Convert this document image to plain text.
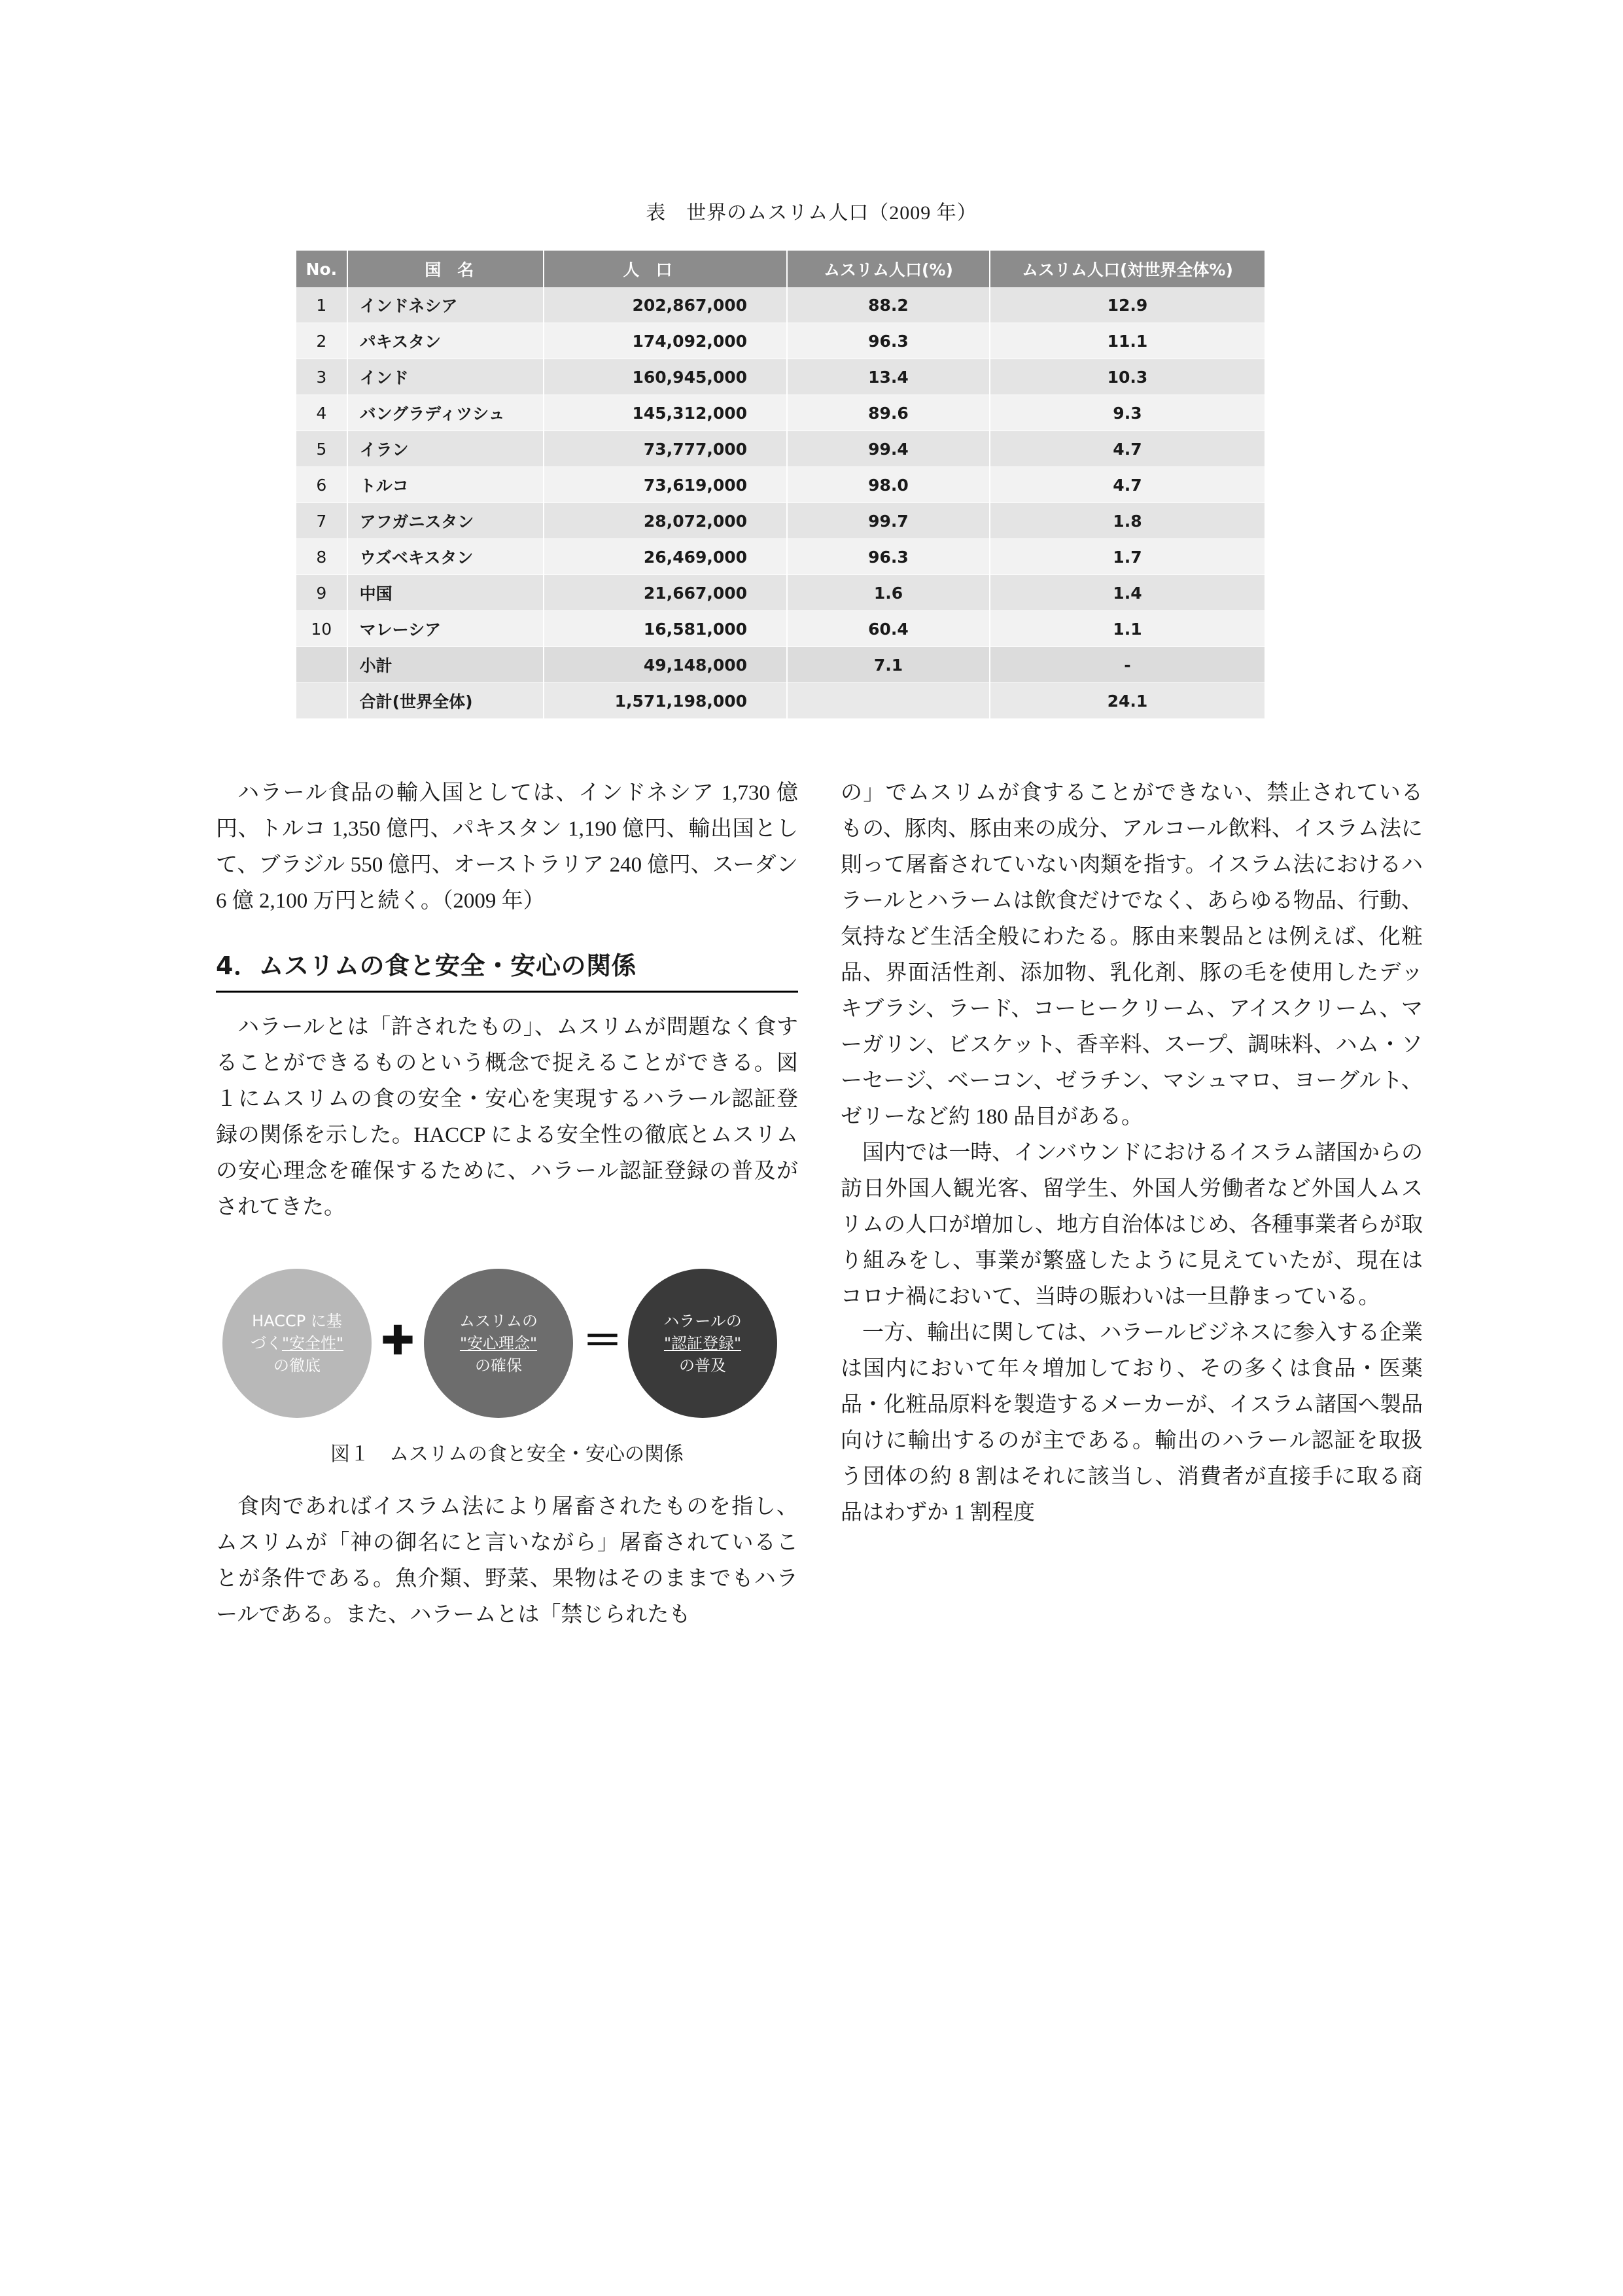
表　世界のムスリム人口（2009 年）
No.	国　名	人　口	ムスリム人口(%)	ムスリム人口(対世界全体%)
1	インドネシア	202,867,000	88.2	12.9
2	パキスタン	174,092,000	96.3	11.1
3	インド	160,945,000	13.4	10.3
4	バングラディツシュ	145,312,000	89.6	9.3
5	イラン	73,777,000	99.4	4.7
6	トルコ	73,619,000	98.0	4.7
7	アフガニスタン	28,072,000	99.7	1.8
8	ウズベキスタン	26,469,000	96.3	1.7
9	中国	21,667,000	1.6	1.4
10	マレーシア	16,581,000	60.4	1.1
	小計	49,148,000	7.1	-
	合計(世界全体)	1,571,198,000		24.1

ハラール食品の輸入国としては、インドネシア 1,730 億円、トルコ 1,350 億円、パキスタン 1,190 億円、輸出国として、ブラジル 550 億円、オーストラリア 240 億円、スーダン 6 億 2,100 万円と続く。（2009 年）

4．ムスリムの食と安全・安心の関係

ハラールとは「許されたもの」、ムスリムが問題なく食することができるものという概念で捉えることができる。図１にムスリムの食の安全・安心を実現するハラール認証登録の関係を示した。HACCP による安全性の徹底とムスリムの安心理念を確保するために、ハラール認証登録の普及がされてきた。

HACCP に基
づく"安全性"
の徹底
✚	ムスリムの
"安心理念"
の確保
＝	ハラールの
"認証登録"
の普及
図１　ムスリムの食と安全・安心の関係

食肉であればイスラム法により屠畜されたものを指し、ムスリムが「神の御名にと言いながら」屠畜されていることが条件である。魚介類、野菜、果物はそのままでもハラールである。また、ハラームとは「禁じられたも

の」でムスリムが食することができない、禁止されているもの、豚肉、豚由来の成分、アルコール飲料、イスラム法に則って屠畜されていない肉類を指す。イスラム法におけるハラールとハラームは飲食だけでなく、あらゆる物品、行動、気持など生活全般にわたる。豚由来製品とは例えば、化粧品、界面活性剤、添加物、乳化剤、豚の毛を使用したデッキブラシ、ラード、コーヒークリーム、アイスクリーム、マーガリン、ビスケット、香辛料、スープ、調味料、ハム・ソーセージ、ベーコン、ゼラチン、マシュマロ、ヨーグルト、ゼリーなど約 180 品目がある。

国内では一時、インバウンドにおけるイスラム諸国からの訪日外国人観光客、留学生、外国人労働者など外国人ムスリムの人口が増加し、地方自治体はじめ、各種事業者らが取り組みをし、事業が繁盛したように見えていたが、現在はコロナ禍において、当時の賑わいは一旦静まっている。

一方、輸出に関しては、ハラールビジネスに参入する企業は国内において年々増加しており、その多くは食品・医薬品・化粧品原料を製造するメーカーが、イスラム諸国へ製品向けに輸出するのが主である。輸出のハラール認証を取扱う団体の約 8 割はそれに該当し、消費者が直接手に取る商品はわずか 1 割程度
